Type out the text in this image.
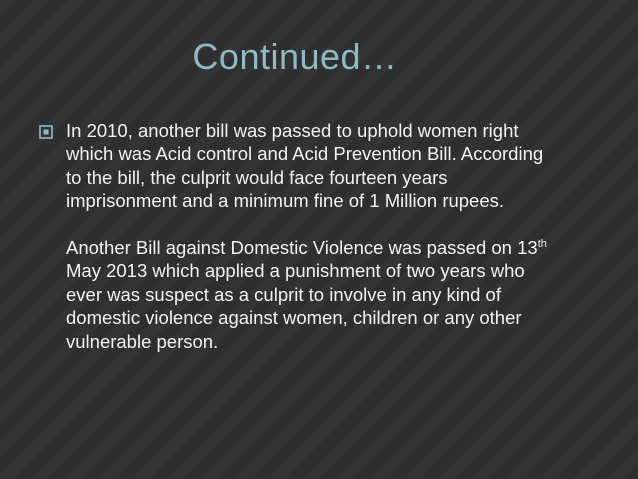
Continued…

In 2010, another bill was passed to uphold women right which was Acid control and Acid Prevention Bill. According to the bill, the culprit would face fourteen years imprisonment and a minimum fine of 1 Million rupees.

Another Bill against Domestic Violence was passed on 13th May 2013 which applied a punishment of two years who ever was suspect as a culprit to involve in any kind of domestic violence against women, children or any other vulnerable person.
